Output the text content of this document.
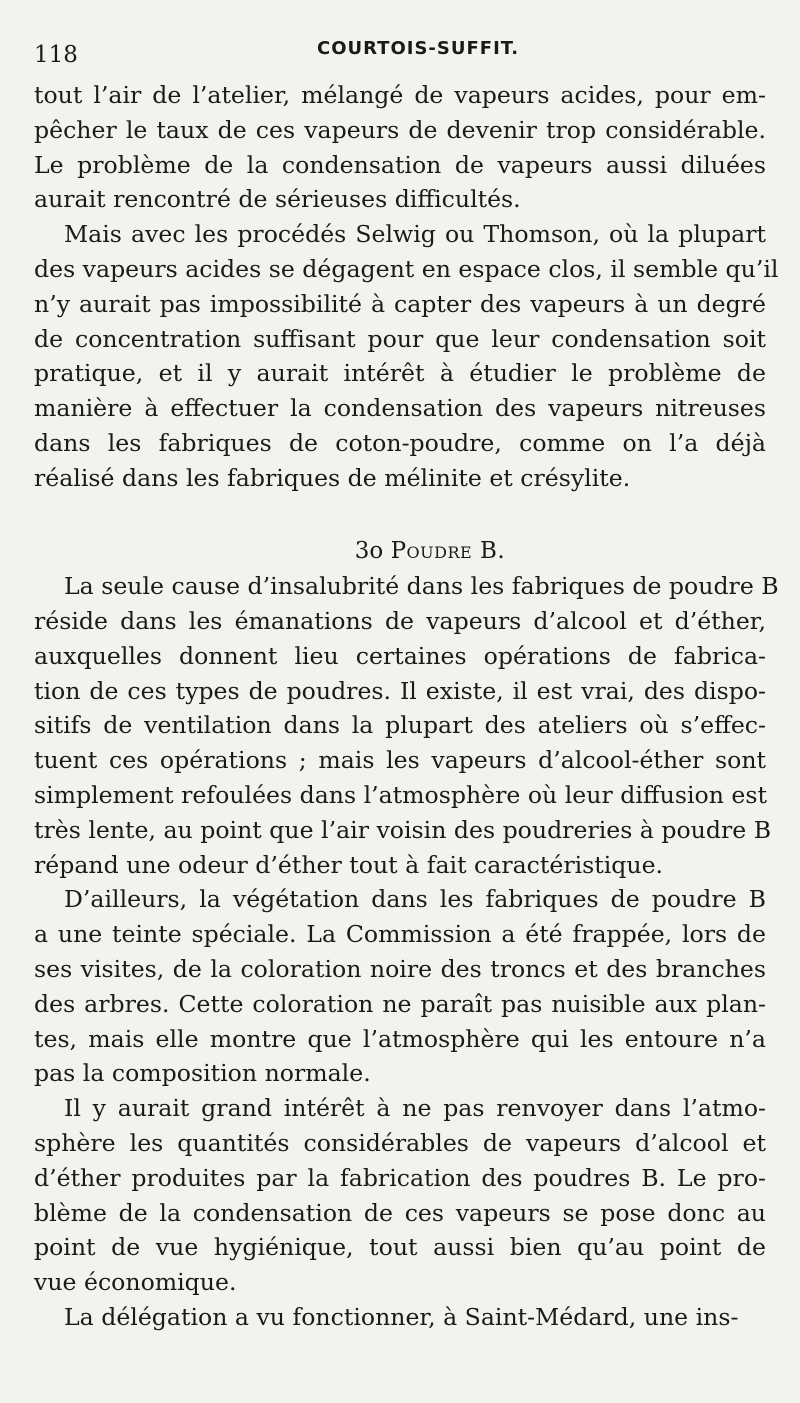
118	COURTOIS-SUFFIT.

tout l’air de l’atelier, mélangé de vapeurs acides, pour em-
pêcher le taux de ces vapeurs de devenir trop considérable.
Le problème de la condensation de vapeurs aussi diluées
aurait rencontré de sérieuses difficultés.

Mais avec les procédés Selwig ou Thomson, où la plupart
des vapeurs acides se dégagent en espace clos, il semble qu’il
n’y aurait pas impossibilité à capter des vapeurs à un degré
de concentration suffisant pour que leur condensation soit
pratique, et il y aurait intérêt à étudier le problème de
manière à effectuer la condensation des vapeurs nitreuses
dans les fabriques de coton-poudre, comme on l’a déjà
réalisé dans les fabriques de mélinite et crésylite.

3o Poudre B.

La seule cause d’insalubrité dans les fabriques de poudre B
réside dans les émanations de vapeurs d’alcool et d’éther,
auxquelles donnent lieu certaines opérations de fabrica-
tion de ces types de poudres. Il existe, il est vrai, des dispo-
sitifs de ventilation dans la plupart des ateliers où s’effec-
tuent ces opérations ; mais les vapeurs d’alcool-éther sont
simplement refoulées dans l’atmosphère où leur diffusion est
très lente, au point que l’air voisin des poudreries à poudre B
répand une odeur d’éther tout à fait caractéristique.

D’ailleurs, la végétation dans les fabriques de poudre B
a une teinte spéciale. La Commission a été frappée, lors de
ses visites, de la coloration noire des troncs et des branches
des arbres. Cette coloration ne paraît pas nuisible aux plan-
tes, mais elle montre que l’atmosphère qui les entoure n’a
pas la composition normale.

Il y aurait grand intérêt à ne pas renvoyer dans l’atmo-
sphère les quantités considérables de vapeurs d’alcool et
d’éther produites par la fabrication des poudres B. Le pro-
blème de la condensation de ces vapeurs se pose donc au
point de vue hygiénique, tout aussi bien qu’au point de
vue économique.

La délégation a vu fonctionner, à Saint-Médard, une ins-
